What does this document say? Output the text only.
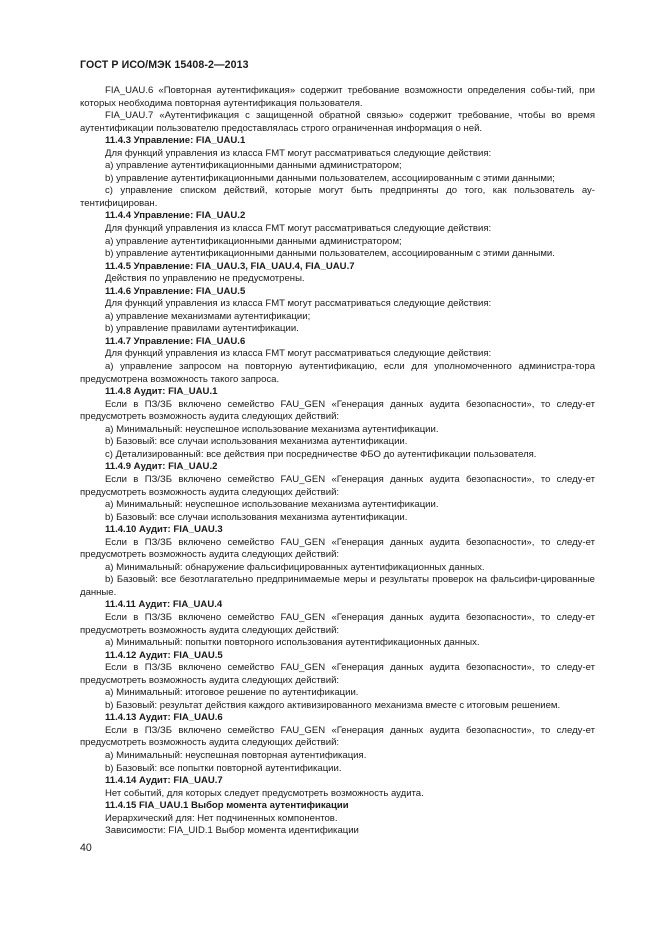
ГОСТ Р ИСО/МЭК 15408-2—2013

FIA_UAU.6 «Повторная аутентификация» содержит требование возможности определения собы-тий, при которых необходима повторная аутентификация пользователя.

FIA_UAU.7 «Аутентификация с защищенной обратной связью» содержит требование, чтобы во время аутентификации пользователю предоставлялась строго ограниченная информация о ней.

11.4.3 Управление: FIA_UAU.1

Для функций управления из класса FMT могут рассматриваться следующие действия:

a) управление аутентификационными данными администратором;

b) управление аутентификационными данными пользователем, ассоциированным с этими данными;

c) управление списком действий, которые могут быть предприняты до того, как пользователь ау-тентифицирован.

11.4.4 Управление: FIA_UAU.2

Для функций управления из класса FMT могут рассматриваться следующие действия:

a) управление аутентификационными данными администратором;

b) управление аутентификационными данными пользователем, ассоциированным с этими данными.

11.4.5 Управление: FIA_UAU.3, FIA_UAU.4, FIA_UAU.7

Действия по управлению не предусмотрены.

11.4.6 Управление: FIA_UAU.5

Для функций управления из класса FMT могут рассматриваться следующие действия:

a) управление механизмами аутентификации;

b) управление правилами аутентификации.

11.4.7 Управление: FIA_UAU.6

Для функций управления из класса FMT могут рассматриваться следующие действия:

a) управление запросом на повторную аутентификацию, если для уполномоченного администра-тора предусмотрена возможность такого запроса.

11.4.8 Аудит: FIA_UAU.1

Если в ПЗ/ЗБ включено семейство FAU_GEN «Генерация данных аудита безопасности», то следу-ет предусмотреть возможность аудита следующих действий:

a) Минимальный: неуспешное использование механизма аутентификации.

b) Базовый: все случаи использования механизма аутентификации.

c) Детализированный: все действия при посредничестве ФБО до аутентификации пользователя.

11.4.9 Аудит: FIA_UAU.2

Если в ПЗ/ЗБ включено семейство FAU_GEN «Генерация данных аудита безопасности», то следу-ет предусмотреть возможность аудита следующих действий:

a) Минимальный: неуспешное использование механизма аутентификации.

b) Базовый: все случаи использования механизма аутентификации.

11.4.10 Аудит: FIA_UAU.3

Если в ПЗ/ЗБ включено семейство FAU_GEN «Генерация данных аудита безопасности», то следу-ет предусмотреть возможность аудита следующих действий:

a) Минимальный: обнаружение фальсифицированных аутентификационных данных.

b) Базовый: все безотлагательно предпринимаемые меры и результаты проверок на фальсифи-цированные данные.

11.4.11 Аудит: FIA_UAU.4

Если в ПЗ/ЗБ включено семейство FAU_GEN «Генерация данных аудита безопасности», то следу-ет предусмотреть возможность аудита следующих действий:

a) Минимальный: попытки повторного использования аутентификационных данных.

11.4.12 Аудит: FIA_UAU.5

Если в ПЗ/ЗБ включено семейство FAU_GEN «Генерация данных аудита безопасности», то следу-ет предусмотреть возможность аудита следующих действий:

a) Минимальный: итоговое решение по аутентификации.

b) Базовый: результат действия каждого активизированного механизма вместе с итоговым решением.

11.4.13 Аудит: FIA_UAU.6

Если в ПЗ/ЗБ включено семейство FAU_GEN «Генерация данных аудита безопасности», то следу-ет предусмотреть возможность аудита следующих действий:

a) Минимальный: неуспешная повторная аутентификация.

b) Базовый: все попытки повторной аутентификации.

11.4.14 Аудит: FIA_UAU.7

Нет событий, для которых следует предусмотреть возможность аудита.

11.4.15 FIA_UAU.1 Выбор момента аутентификации

Иерархический для: Нет подчиненных компонентов.

Зависимости: FIA_UID.1 Выбор момента идентификации

40
